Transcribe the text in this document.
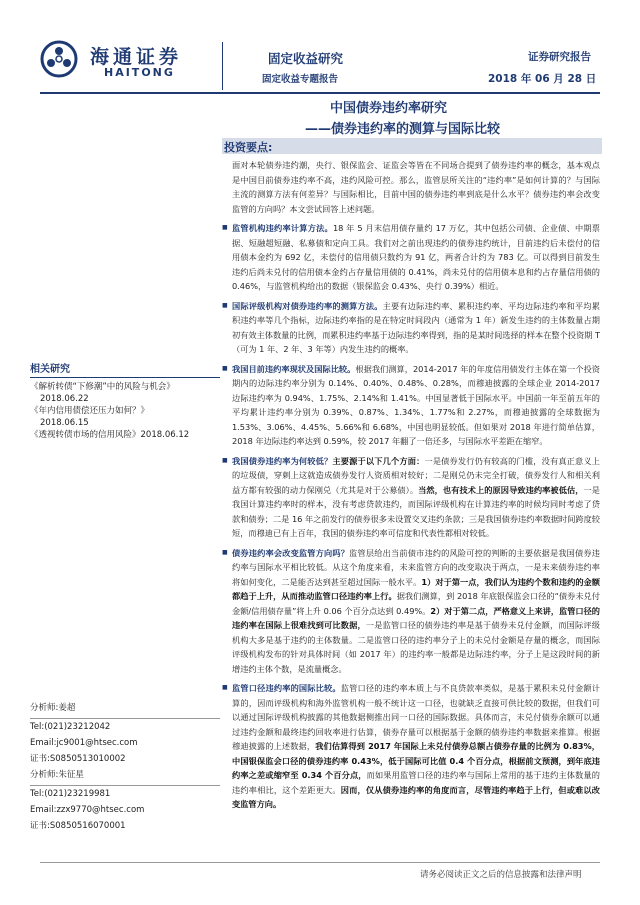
海通证券
HAITONG
固定收益研究
固定收益专题报告
证券研究报告
2018 年 06 月 28 日
中国债券违约率研究
——债券违约率的测算与国际比较
投资要点:

面对本轮债券违约潮，央行、银保监会、证监会等皆在不同场合提到了债券违约率的概念，基本观点是中国目前债券违约率不高，违约风险可控。那么，监管层所关注的“违约率”是如何计算的？与国际主流的测算方法有何差异？与国际相比，目前中国的债券违约率到底是什么水平？债券违约率会改变监管的方向吗？本文尝试回答上述问题。

■ 监管机构违约率计算方法。18 年 5 月末信用债存量约 17 万亿，其中包括公司债、企业债、中期票据、短融超短融、私募债和定向工具。我们对之前出现违约的债券违约统计，目前违约后未偿付的信用债本金约为 692 亿，未偿付的信用债只数约为 91 亿，两者合计约为 783 亿。可以得到目前发生违约后尚未兑付的信用债本金约占存量信用债的 0.41%，尚未兑付的信用债本息和约占存量信用债的 0.46%，与监管机构给出的数据（银保监会 0.43%、央行 0.39%）相近。

■ 国际评级机构对债券违约率的测算方法。主要有边际违约率、累积违约率、平均边际违约率和平均累积违约率等几个指标，边际违约率指的是在特定时间段内（通常为 1 年）新发生违约的主体数量占期初有效主体数量的比例，而累积违约率基于边际违约率得到，指的是某时间选择的样本在整个投资期 T（可为 1 年、2 年、3 年等）内发生违约的概率。

■ 我国目前违约率现状及国际比较。根据我们测算，2014-2017 年的年度信用债发行主体在第一个投资期内的边际违约率分别为 0.14%、0.40%、0.48%、0.28%，而穆迪披露的全球企业 2014-2017 边际违约率为 0.94%、1.75%、2.14%和 1.41%。中国显著低于国际水平。中国前一年至前五年的平均累计违约率分别为 0.39%、0.87%、1.34%、1.77%和 2.27%，而穆迪披露的全球数据为 1.53%、3.06%、4.45%、5.66%和 6.68%，中国也明显较低。但如果对 2018 年进行简单估算，2018 年边际违约率达到 0.59%，较 2017 年翻了一倍还多，与国际水平差距在缩窄。

■ 我国债券违约率为何较低？主要源于以下几个方面：一是债券发行仍有较高的门槛，没有真正意义上的垃圾债，穿刺上这就造成债券发行人资质相对较好；二是刚兑仍未完全打破，债券发行人和相关利益方都有较强的动力保刚兑（尤其是对于公募债）。当然，也有技术上的原因导致违约率被低估，一是我国计算违约率时的样本，没有考虑贷款违约，而国际评级机构在计算违约率的时候均同时考虑了贷款和债券；二是 16 年之前发行的债券很多未设置交叉违约条款；三是我国债券违约率数据时间跨度较短，而穆迪已有上百年，我国的债券违约率可信度和代表性都相对较低。

■ 债券违约率会改变监管方向吗？监管层给出当前债市违约的风险可控的判断的主要依据是我国债券违约率与国际水平相比较低。从这个角度来看，未来监管方向的改变取决于两点，一是未来债券违约率将如何变化，二是能否达到甚至超过国际一般水平。1）对于第一点，我们认为违约个数和违约的金额都趋于上升，从而推动监管口径违约率上行。据我们测算，到 2018 年底银保监会口径的“债券未兑付金额/信用债存量”将上升 0.06 个百分点达到 0.49%。2）对于第二点，严格意义上来讲，监管口径的违约率在国际上很难找到可比数据，一是监管口径的债券违约率是基于债券未兑付金额，而国际评级机构大多是基于违约的主体数量。二是监管口径的违约率分子上的未兑付金额是存量的概念，而国际评级机构发布的针对具体时间（如 2017 年）的违约率一般都是边际违约率，分子上是这段时间的新增违约主体个数，是流量概念。

■ 监管口径违约率的国际比较。监管口径的违约率本质上与不良贷款率类似，是基于累积未兑付金额计算的，因而评级机构和海外监管机构一般不统计这一口径，也就缺乏直接可供比较的数据，但我们可以通过国际评级机构披露的其他数据侧推出同一口径的国际数据。具体而言，未兑付债券余额可以通过违约金额和最终违约回收率进行估算，债券存量可以根据基于金额的债券违约率数据来推算。根据穆迪披露的上述数据，我们估算得到 2017 年国际上未兑付债券总额占债券存量的比例为 0.83%，中国银保监会口径的债券违约率 0.43%，低于国际可比值 0.4 个百分点，根据前文预测，到年底违约率之差或缩窄至 0.34 个百分点，而如果用监管口径的违约率与国际上常用的基于违约主体数量的违约率相比，这个差距更大。因而，仅从债券违约率的角度而言，尽管违约率趋于上行，但或难以改变监管方向。

相关研究
《解析转债“下修潮”中的风险与机会》
2018.06.22
《年内信用债偿还压力如何？》
2018.06.15
《透视转债市场的信用风险》2018.06.12
分析师:姜超
Tel:(021)23212042
Email:jc9001@htsec.com
证书:S0850513010002
分析师:朱征星
Tel:(021)23219981
Email:zzx9770@htsec.com
证书:S0850516070001
请务必阅读正文之后的信息披露和法律声明
